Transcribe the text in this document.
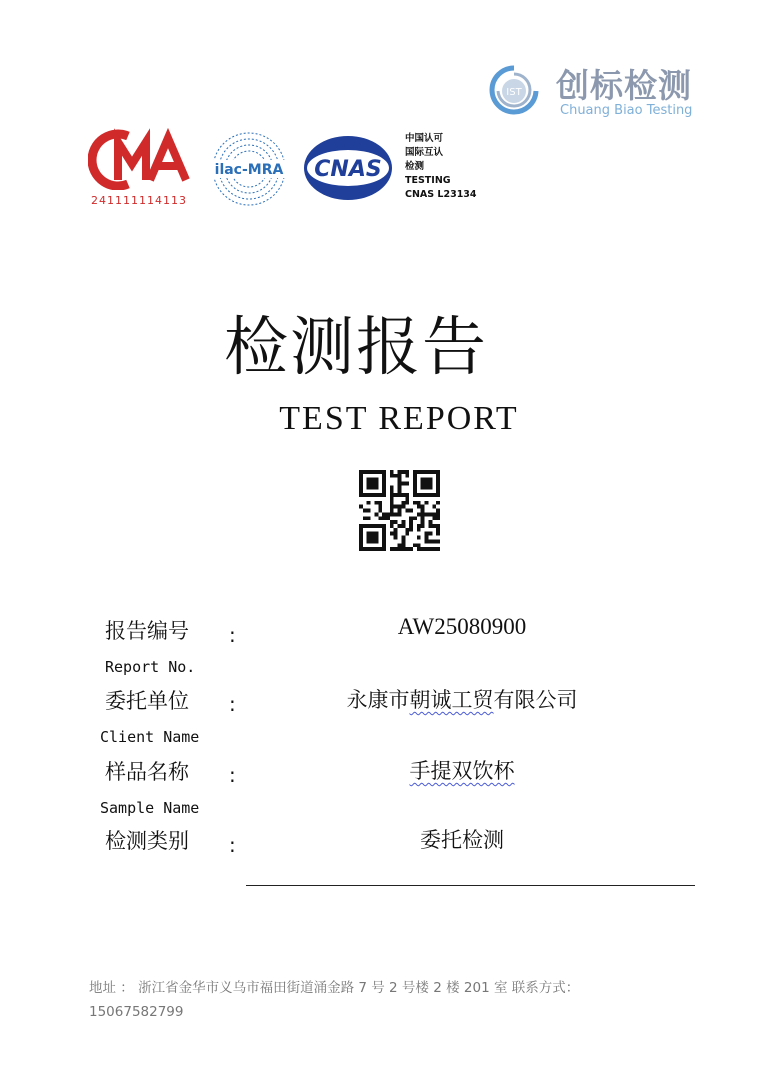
IST 创标检测
Chuang Biao Testing
CMA
241111114113
ilac-MRA CNAS
中国认可
国际互认
检测
TESTING
CNAS L23134
检测报告
TEST REPORT
报告编号 :	AW25080900
Report No.
委托单位 :	永康市朝诚工贸有限公司
Client Name
样品名称 :	手提双饮杯
Sample Name
检测类别 :	委托检测
地址 ： 浙江省金华市义乌市福田街道涌金路 7 号 2 号楼 2 楼 201 室 联系方式：
15067582799
